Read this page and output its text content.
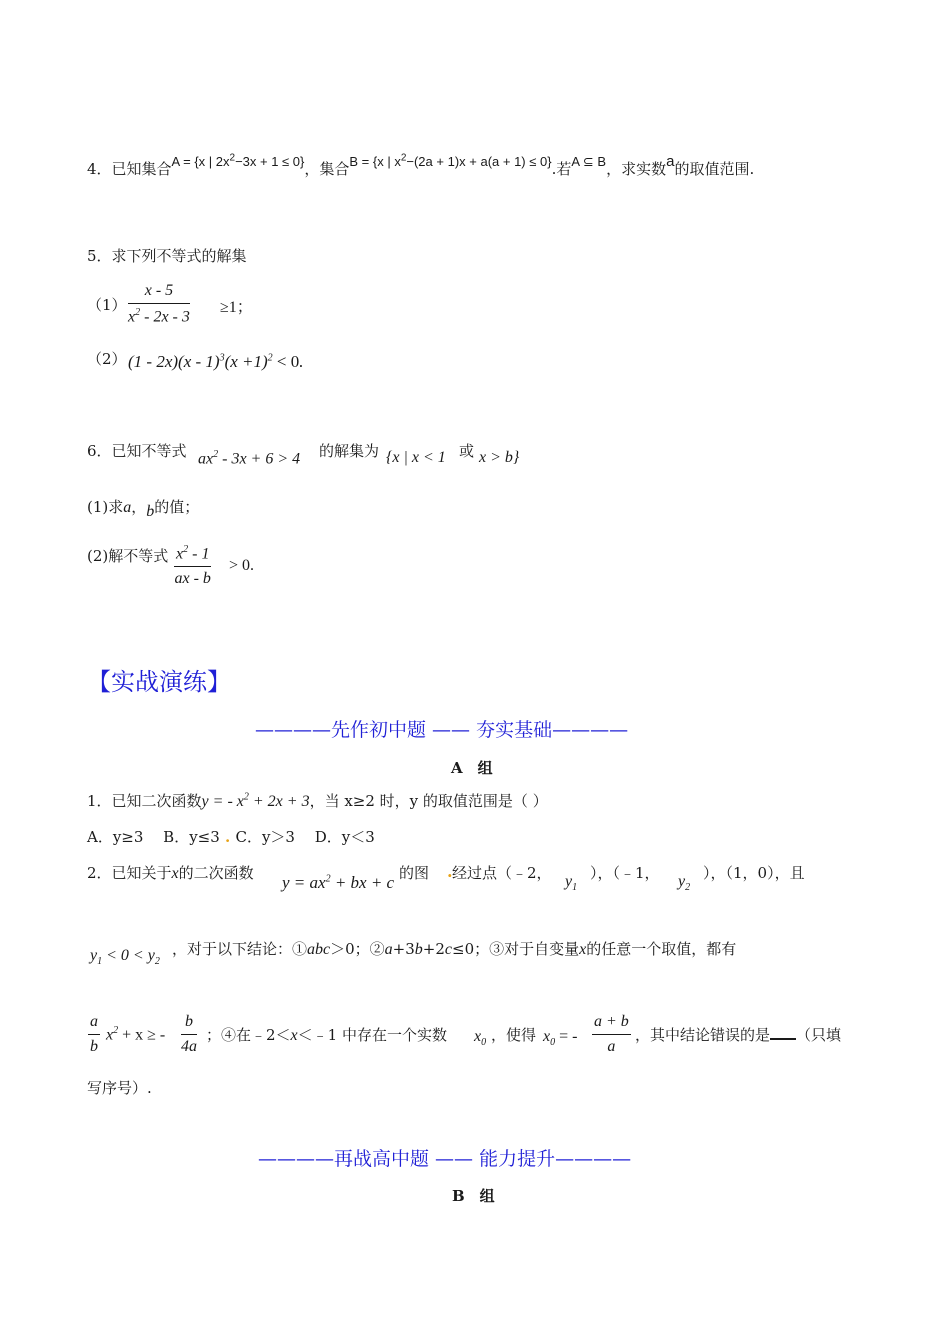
4．已知集合A = {x | $2x^2-3x + 1 \le 0$}，集合B = {x | $x^2-(2a + 1)x + a(a + 1) \le 0$}.若A ⊆ B，求实数a的取值范围.
5．求下列不等式的解集
（1）
x - 5
$x^2 - 2x - 3$
≥1；
（2） $(1 - 2x)(x - 1)^3(x +1)^2 < 0$.
6．已知不等式 $ax^2 - 3x + 6 > 4$ 的解集为 {x | x < 1 或 x > b}
(1)求a，b的值；
(2)解不等式 $x^2 - 1$
ax - b
> 0.
【实战演练】
————先作初中题 —— 夯实基础————
A　组
1．已知二次函数y = - $x^2 + 2x + 3$，当 x≥2 时，y 的取值范围是（ ）
A．y≥3　 B．y≤3 . C．y＞3　 D．y＜3
2．已知关于x的二次函数 $y = ax^2$ + bx + c 的图 . 经过点（﹣2， $y_1$
），（﹣1， $y_2$
），（1，0），且
$y_1 < 0 < y_2$
，对于以下结论：①abc＞0；②a+3b+2c≤0；③对于自变量x的任意一个取值，都有
a
b
$x^2 + x$ ≥ -
b
4a
；④在﹣2＜x＜﹣1 中存在一个实数 $x_0$ ，使得 $x_0$ = -
a + b
a
，其中结论错误的是 （只填
写序号）.
————再战高中题 —— 能力提升————
B　组
